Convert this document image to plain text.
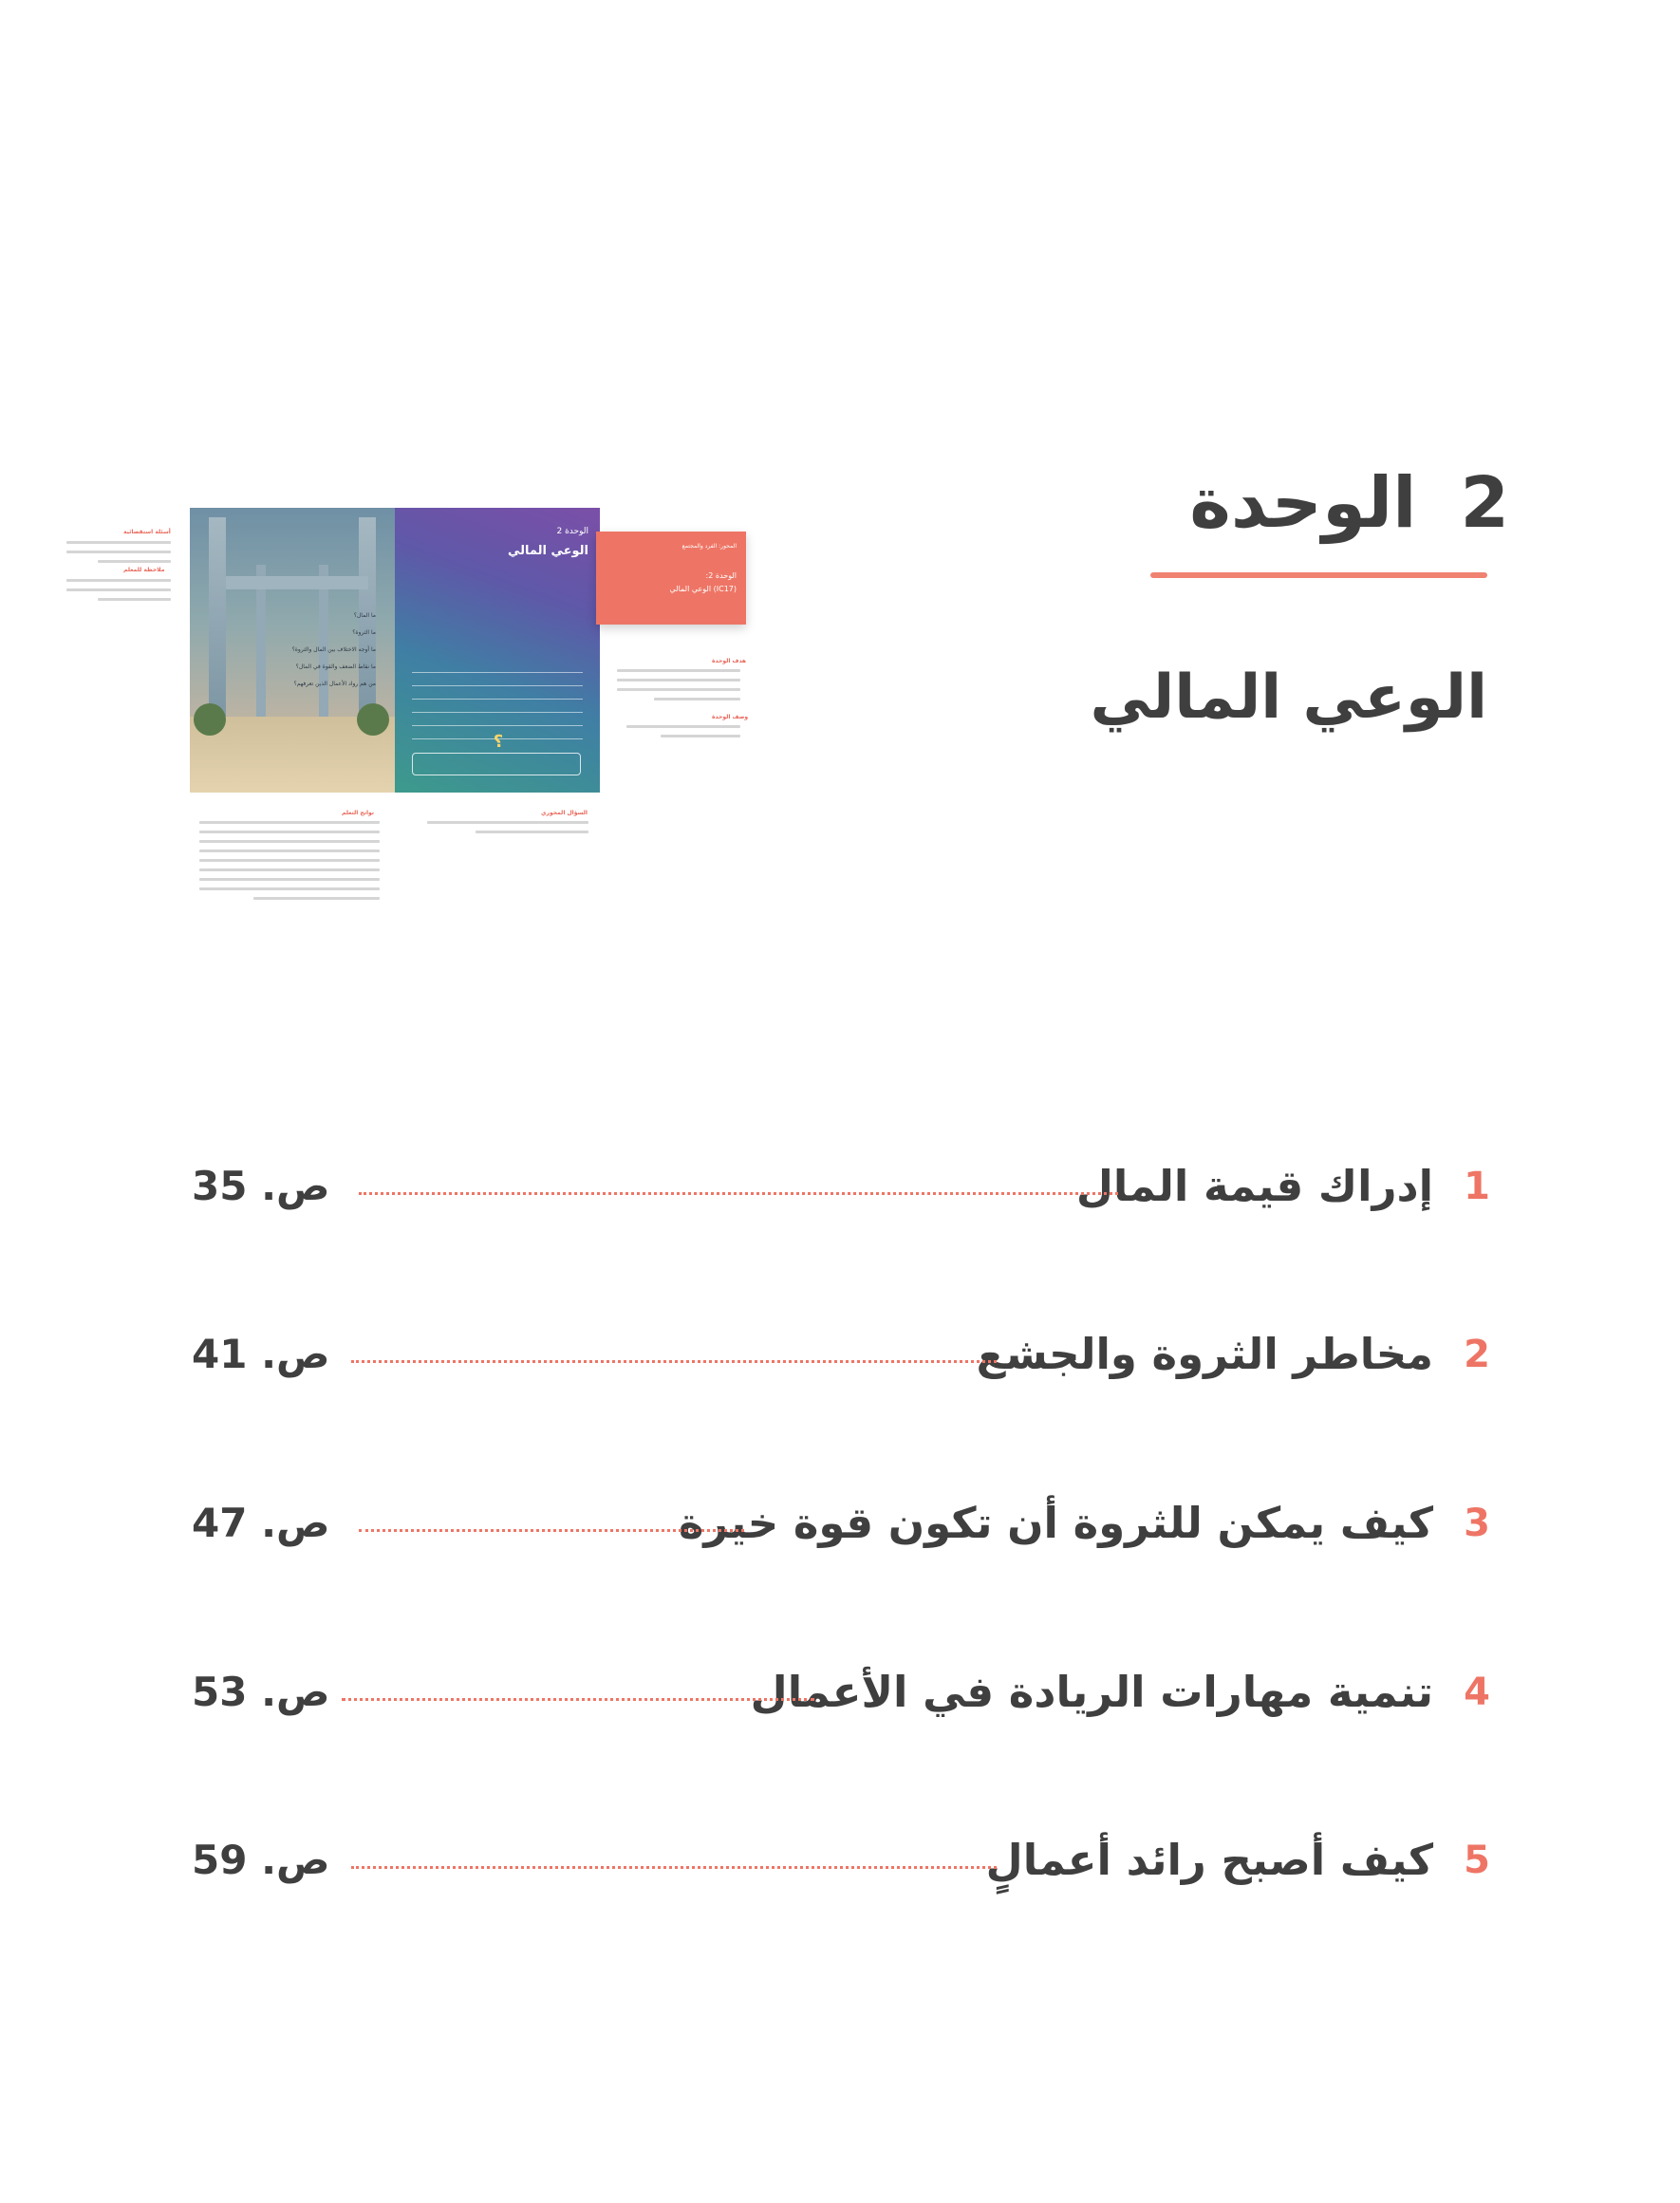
الوحدة 2
الوعي المالي
أسئلة استقصائية
ملاحظة للمعلم
ما المال؟
ما الثروة؟
ما أوجه الاختلاف بين المال والثروة؟
ما نقاط الضعف والقوة في المال؟
من هم رواد الأعمال الذين تعرفهم؟
الوحدة 2
الوعي المالي
؟
المحور: الفرد والمجتمع
الوحدة 2:
(IC17) الوعي المالي
هدف الوحدة
وصف الوحدة
السؤال المحوري
نواتج التعلم
1
إدراك قيمة المال
ص. 35
2
مخاطر الثروة والجشع
ص. 41
3
كيف يمكن للثروة أن تكون قوة خيرة
ص. 47
4
تنمية مهارات الريادة في الأعمال
ص. 53
5
كيف أصبح رائد أعمالٍ
ص. 59
